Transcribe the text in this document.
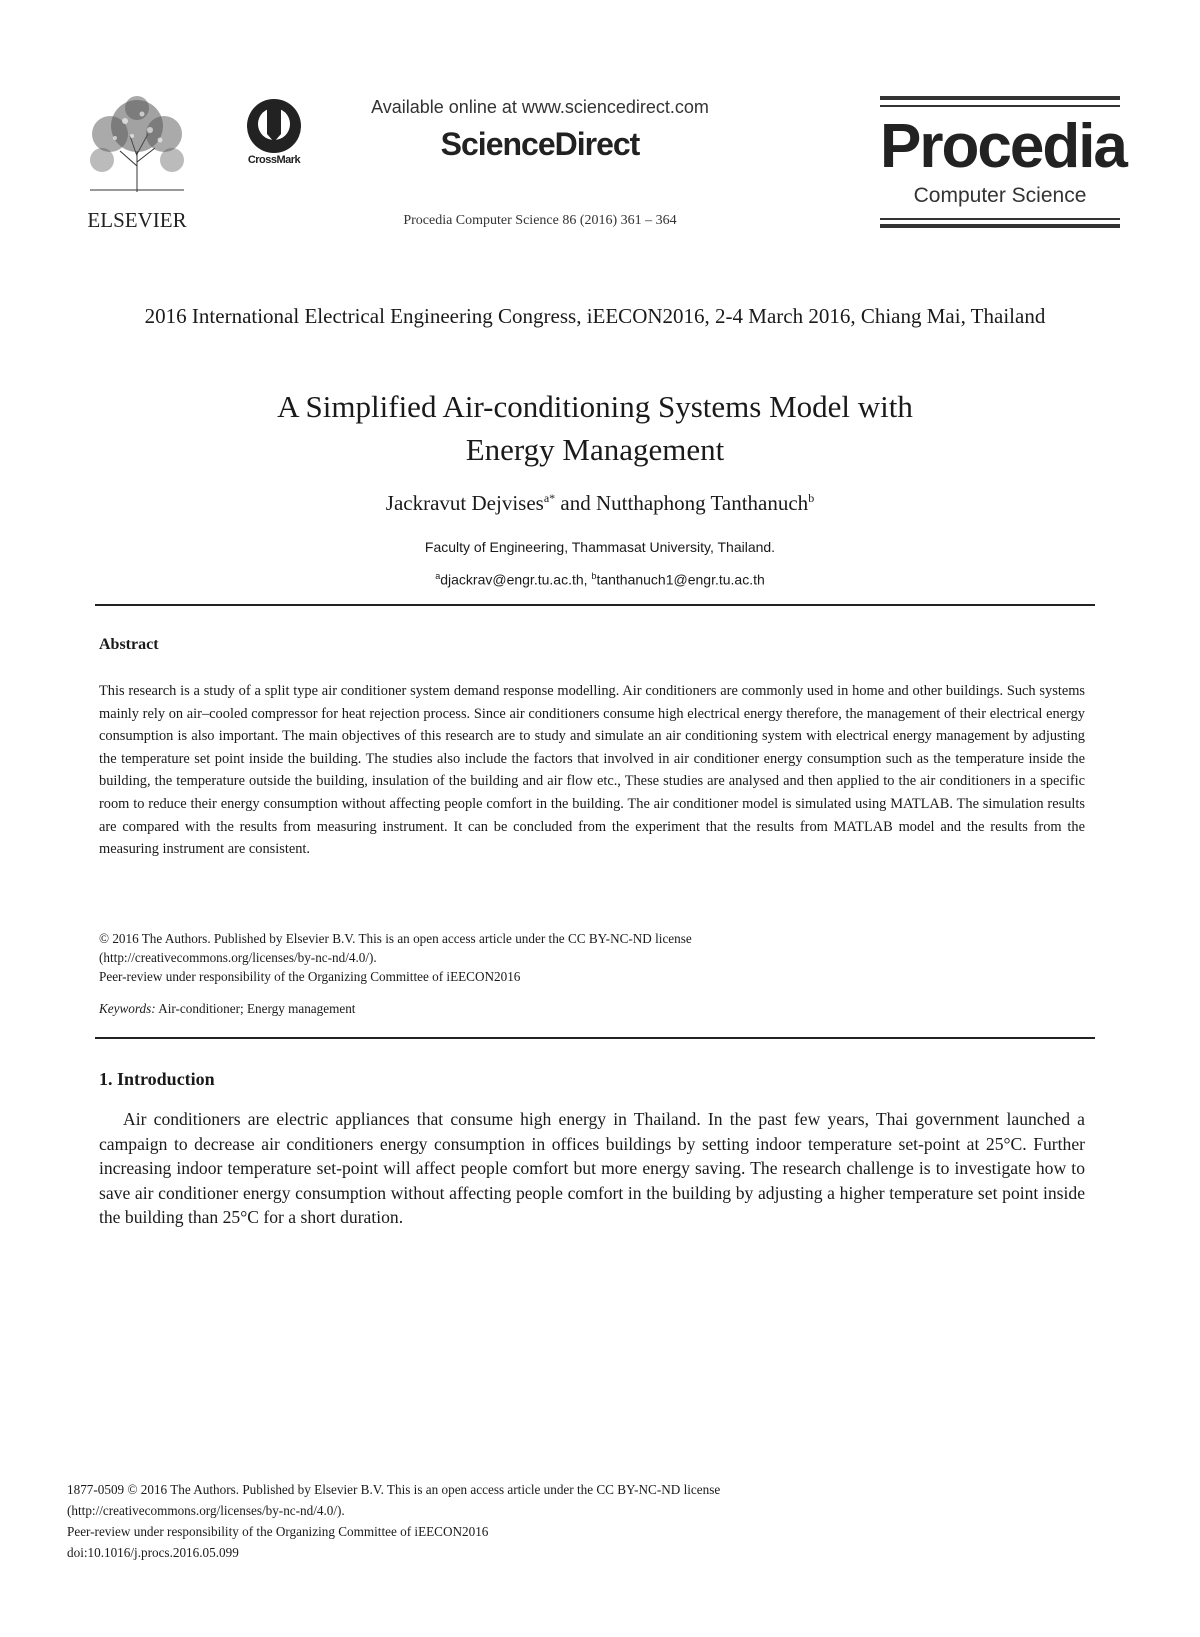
ELSEVIER
CrossMark
Available online at www.sciencedirect.com
ScienceDirect
Procedia Computer Science 86 (2016) 361 – 364
Procedia
Computer Science
2016 International Electrical Engineering Congress, iEECON2016, 2-4 March 2016, Chiang Mai, Thailand
A Simplified Air-conditioning Systems Model with
Energy Management
Jackravut Dejvises$^{a*}$ and Nutthaphong Tanthanuch$^b$
Faculty of Engineering, Thammasat University, Thailand.
$^a$djackrav@engr.tu.ac.th, $^b$tanthanuch1@engr.tu.ac.th
Abstract
This research is a study of a split type air conditioner system demand response modelling. Air conditioners are commonly used in home and other buildings. Such systems mainly rely on air–cooled compressor for heat rejection process. Since air conditioners consume high electrical energy therefore, the management of their electrical energy consumption is also important. The main objectives of this research are to study and simulate an air conditioning system with electrical energy management by adjusting the temperature set point inside the building. The studies also include the factors that involved in air conditioner energy consumption such as the temperature inside the building, the temperature outside the building, insulation of the building and air flow etc., These studies are analysed and then applied to the air conditioners in a specific room to reduce their energy consumption without affecting people comfort in the building. The air conditioner model is simulated using MATLAB. The simulation results are compared with the results from measuring instrument. It can be concluded from the experiment that the results from MATLAB model and the results from the measuring instrument are consistent.
© 2016 The Authors. Published by Elsevier B.V. This is an open access article under the CC BY-NC-ND license
(http://creativecommons.org/licenses/by-nc-nd/4.0/).
Peer-review under responsibility of the Organizing Committee of iEECON2016
Keywords: Air-conditioner; Energy management
1. Introduction
Air conditioners are electric appliances that consume high energy in Thailand. In the past few years, Thai government launched a campaign to decrease air conditioners energy consumption in offices buildings by setting indoor temperature set-point at 25°C. Further increasing indoor temperature set-point will affect people comfort but more energy saving. The research challenge is to investigate how to save air conditioner energy consumption without affecting people comfort in the building by adjusting a higher temperature set point inside the building than 25°C for a short duration.
1877-0509 © 2016 The Authors. Published by Elsevier B.V. This is an open access article under the CC BY-NC-ND license
(http://creativecommons.org/licenses/by-nc-nd/4.0/).
Peer-review under responsibility of the Organizing Committee of iEECON2016
doi:10.1016/j.procs.2016.05.099
